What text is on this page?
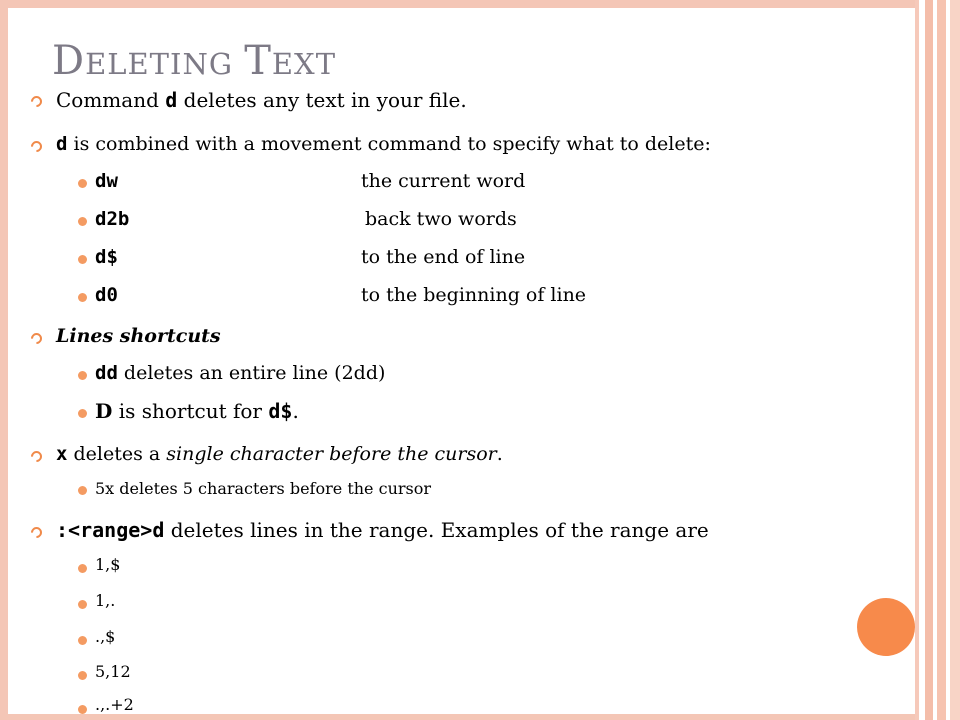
DELETING TEXT
Command d deletes any text in your file.
d is combined with a movement command to specify what to delete:
dw	the current word
d2b	back two words
d$	to the end of line
d0	to the beginning of line
Lines shortcuts
dd deletes an entire line (2dd)
D is shortcut for d$.
x deletes a single character before the cursor.
5x deletes 5 characters before the cursor
:<range>d deletes lines in the range. Examples of the range are
1,$
1,.
.,$
5,12
.,.+2
